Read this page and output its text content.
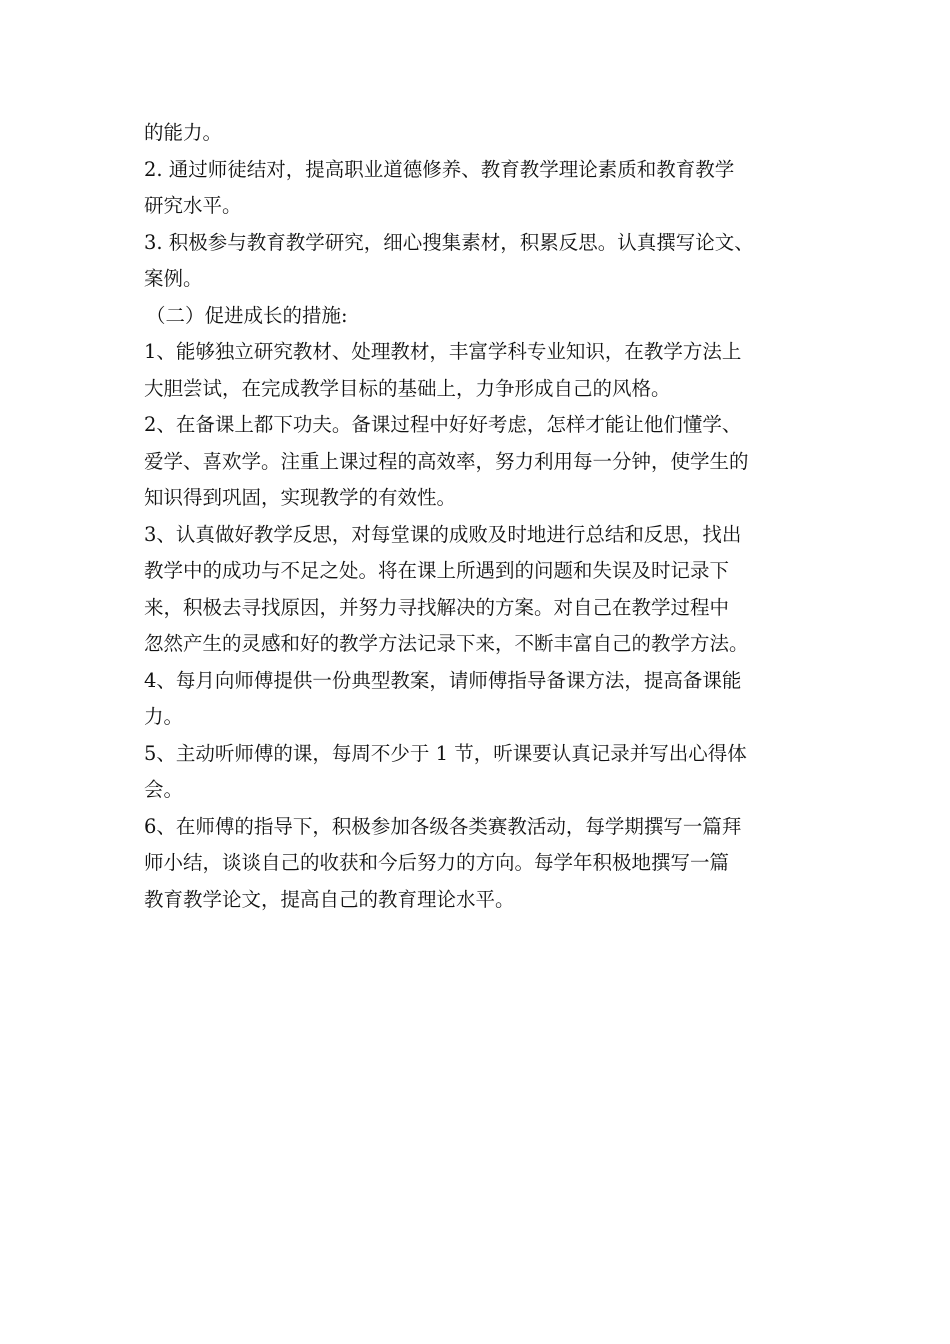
的能力。
2. 通过师徒结对，提高职业道德修养、教育教学理论素质和教育教学
研究水平。
3. 积极参与教育教学研究，细心搜集素材，积累反思。认真撰写论文、
案例。
（二）促进成长的措施:
1、能够独立研究教材、处理教材，丰富学科专业知识，在教学方法上
大胆尝试，在完成教学目标的基础上，力争形成自己的风格。
2、在备课上都下功夫。备课过程中好好考虑，怎样才能让他们懂学、
爱学、喜欢学。注重上课过程的高效率，努力利用每一分钟，使学生的
知识得到巩固，实现教学的有效性。
3、认真做好教学反思，对每堂课的成败及时地进行总结和反思，找出
教学中的成功与不足之处。将在课上所遇到的问题和失误及时记录下
来，积极去寻找原因，并努力寻找解决的方案。对自己在教学过程中
忽然产生的灵感和好的教学方法记录下来，不断丰富自己的教学方法。
4、每月向师傅提供一份典型教案，请师傅指导备课方法，提高备课能
力。
5、主动听师傅的课，每周不少于 1 节，听课要认真记录并写出心得体
会。
6、在师傅的指导下，积极参加各级各类赛教活动，每学期撰写一篇拜
师小结，谈谈自己的收获和今后努力的方向。每学年积极地撰写一篇
教育教学论文，提高自己的教育理论水平。
